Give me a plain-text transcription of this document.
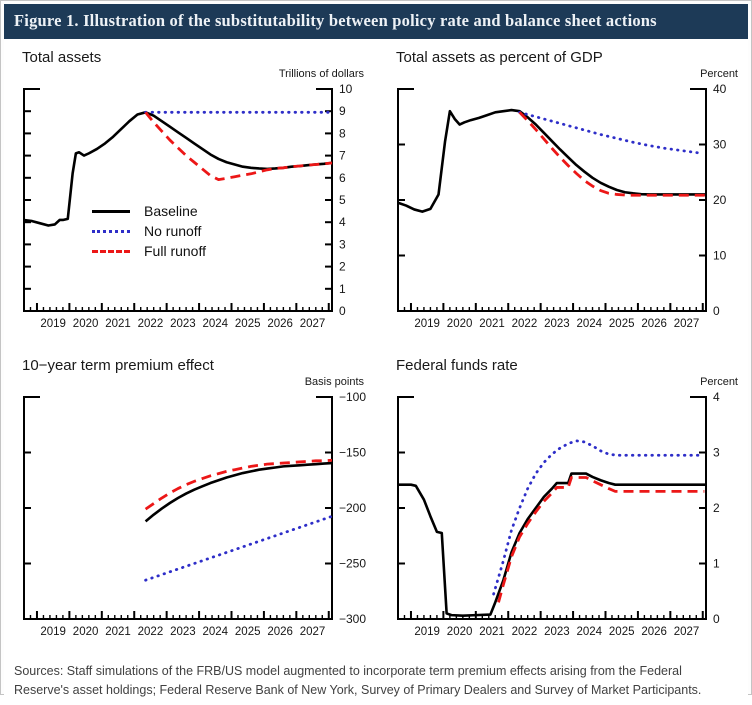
Figure 1. Illustration of the substitutability between policy rate and balance sheet actions
0
1
2
3
4
5
6
7
8
9
10
2019 2020 2021 2022 2023 2024 2025 2026 2027
Total assets
Trillions of dollars
Baseline
No runoff
Full runoff
0
10
20
30
40
2019 2020 2021 2022 2023 2024 2025 2026 2027
Total assets as percent of GDP
Percent
−100
−150
−200
−250
−300
2019 2020 2021 2022 2023 2024 2025 2026 2027
10−year term premium effect
Basis points
0
1
2
3
4
2019 2020 2021 2022 2023 2024 2025 2026 2027
Federal funds rate
Percent
Sources: Staff simulations of the FRB/US model augmented to incorporate term premium effects arising from the Federal Reserve's asset holdings; Federal Reserve Bank of New York, Survey of Primary Dealers and Survey of Market Participants.
